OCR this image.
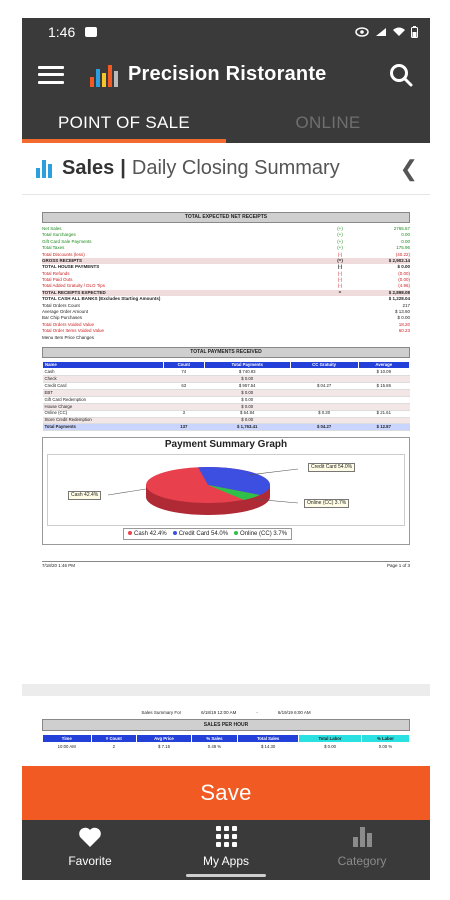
1:46
Precision Ristorante
POINT OF SALE	ONLINE
Sales | Daily Closing Summary	❮
TOTAL EXPECTED NET RECEIPTS
Net Sales	(+)	2765.67
Total Surcharges	(+)	0.00
Gift Card Sale Payments	(+)	0.00
Total Taxes	(+)	175.96
Total Discounts (less)	(-)	(40.22)
GROSS RECEIPTS	(=)	$ 2,902.14
TOTAL HOUSE PAYMENTS	(-)	$ 0.00
Total Refunds	(-)	(0.00)
Total Paid Outs	(-)	(0.00)
Total Added Gratuity / DLO Tips	(-)	(4.96)
TOTAL RECEIPTS EXPECTED	=	$ 2,898.08
TOTAL CASH ALL BANKS (Excludes Starting Amounts)	$ 1,228.04
Total Orders Count	217
Average Order Amount	$ 13.60
Bar Chip Purchases	$ 0.00
Total Orders Voided Value	18.20
Total Order Items Voided Value	60.23
Menu Item Price Changes
TOTAL PAYMENTS RECEIVED
Name	Count	Total Payments	CC Gratuity	Average
Cash	74	$ 740.93		$ 10.09
Check		$ 0.00		
Credit Card	63	$ 957.54	$ 04.27	$ 15.86
EBT		$ 0.00		
Gift Card Redemption		$ 0.00		
House Charge		$ 0.00		
Online (CC)	3	$ 64.84	$ 0.30	$ 21.61
Store Credit Redemption		$ 0.00		
Total Payments	137	$ 1,763.41	$ 04.27	$ 12.87
Payment Summary Graph
Credit Card 54.0%
Cash 42.4%
Online (CC) 3.7%
Cash 42.4%	Credit Card 54.0%	Online (CC) 3.7%
7/18/20 1:46 PM	Page 1 of 3
Sales Summary For	6/18/19 12:00 AM	-	6/19/19 6:00 AM
SALES PER HOUR
Time	# Count	Avg Price	% Sales	Total Sales	Total Labor	% Labor
10:00 AM	2	$ 7.15	0.48 %	$ 14.30	$ 0.00	0.00 %
Save
Favorite	My Apps	Category
